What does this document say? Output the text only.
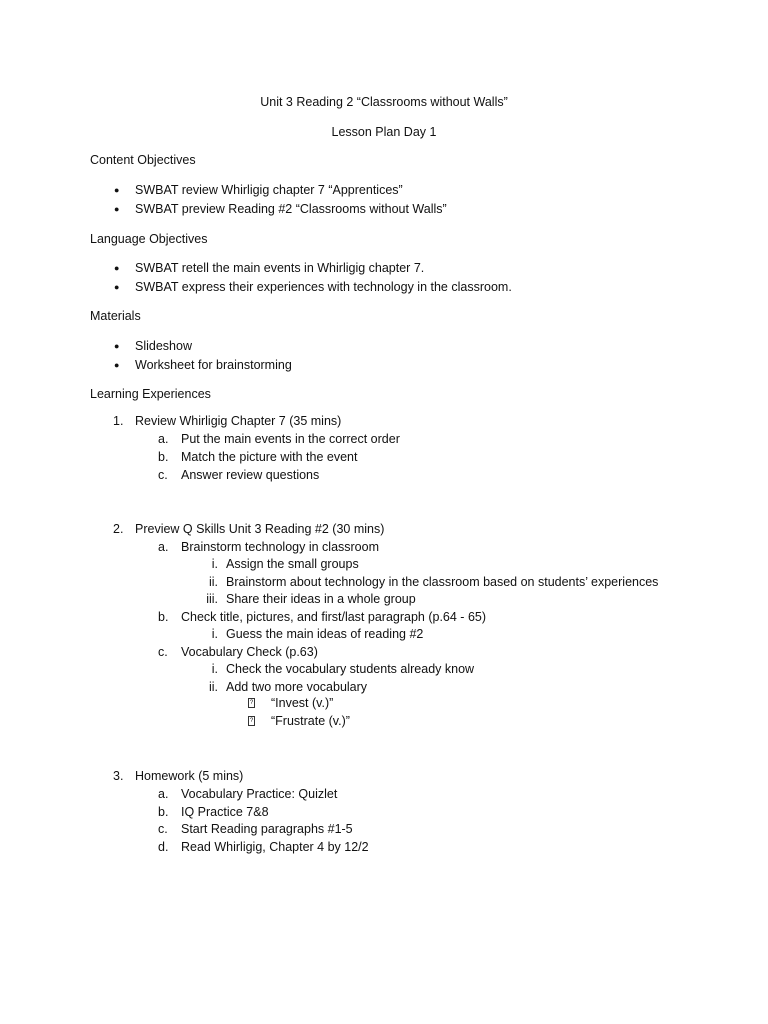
Unit 3 Reading 2 “Classrooms without Walls”
Lesson Plan Day 1
Content Objectives
● SWBAT review Whirligig chapter 7 “Apprentices”
● SWBAT preview Reading #2 “Classrooms without Walls”
Language Objectives
● SWBAT retell the main events in Whirligig chapter 7.
● SWBAT express their experiences with technology in the classroom.
Materials
● Slideshow
● Worksheet for brainstorming
Learning Experiences
1. Review Whirligig Chapter 7 (35 mins)
a. Put the main events in the correct order
b. Match the picture with the event
c. Answer review questions
2. Preview Q Skills Unit 3 Reading #2 (30 mins)
a. Brainstorm technology in classroom
i. Assign the small groups
ii. Brainstorm about technology in the classroom based on students’ experiences
iii. Share their ideas in a whole group
b. Check title, pictures, and first/last paragraph (p.64 - 65)
i. Guess the main ideas of reading #2
c. Vocabulary Check (p.63)
i. Check the vocabulary students already know
ii. Add two more vocabulary
? “Invest (v.)”
? “Frustrate (v.)”
3. Homework (5 mins)
a. Vocabulary Practice: Quizlet
b. IQ Practice 7&8
c. Start Reading paragraphs #1-5
d. Read Whirligig, Chapter 4 by 12/2
